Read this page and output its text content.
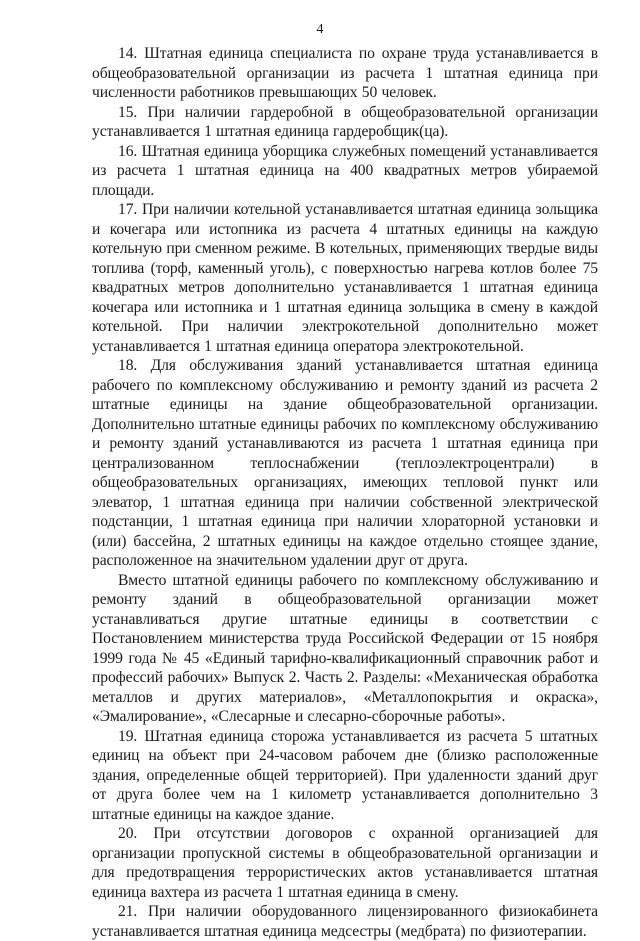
4

14. Штатная единица специалиста по охране труда устанавливается в общеобразовательной организации из расчета 1 штатная единица при численности работников превышающих 50 человек.

15. При наличии гардеробной в общеобразовательной организации устанавливается 1 штатная единица гардеробщик(ца).

16. Штатная единица уборщика служебных помещений устанавливается из расчета 1 штатная единица на 400 квадратных метров убираемой площади.

17. При наличии котельной устанавливается штатная единица зольщика и кочегара или истопника из расчета 4 штатных единицы на каждую котельную при сменном режиме. В котельных, применяющих твердые виды топлива (торф, каменный уголь), с поверхностью нагрева котлов более 75 квадратных метров дополнительно устанавливается 1 штатная единица кочегара или истопника и 1 штатная единица зольщика в смену в каждой котельной. При наличии электрокотельной дополнительно может устанавливается 1 штатная единица оператора электрокотельной.

18. Для обслуживания зданий устанавливается штатная единица рабочего по комплексному обслуживанию и ремонту зданий из расчета 2 штатные единицы на здание общеобразовательной организации. Дополнительно штатные единицы рабочих по комплексному обслуживанию и ремонту зданий устанавливаются из расчета 1 штатная единица при централизованном теплоснабжении (теплоэлектроцентрали) в общеобразовательных организациях, имеющих тепловой пункт или элеватор, 1 штатная единица при наличии собственной электрической подстанции, 1 штатная единица при наличии хлораторной установки и (или) бассейна, 2 штатных единицы на каждое отдельно стоящее здание, расположенное на значительном удалении друг от друга.

Вместо штатной единицы рабочего по комплексному обслуживанию и ремонту зданий в общеобразовательной организации может устанавливаться другие штатные единицы в соответствии с Постановлением министерства труда Российской Федерации от 15 ноября 1999 года № 45 «Единый тарифно-квалификационный справочник работ и профессий рабочих» Выпуск 2. Часть 2. Разделы: «Механическая обработка металлов и других материалов», «Металлопокрытия и окраска», «Эмалирование», «Слесарные и слесарно-сборочные работы».

19. Штатная единица сторожа устанавливается из расчета 5 штатных единиц на объект при 24-часовом рабочем дне (близко расположенные здания, определенные общей территорией). При удаленности зданий друг от друга более чем на 1 километр устанавливается дополнительно 3 штатные единицы на каждое здание.

20. При отсутствии договоров с охранной организацией для организации пропускной системы в общеобразовательной организации и для предотвращения террористических актов устанавливается штатная единица вахтера из расчета 1 штатная единица в смену.

21. При наличии оборудованного лицензированного физиокабинета устанавливается штатная единица медсестры (медбрата) по физиотерапии.
